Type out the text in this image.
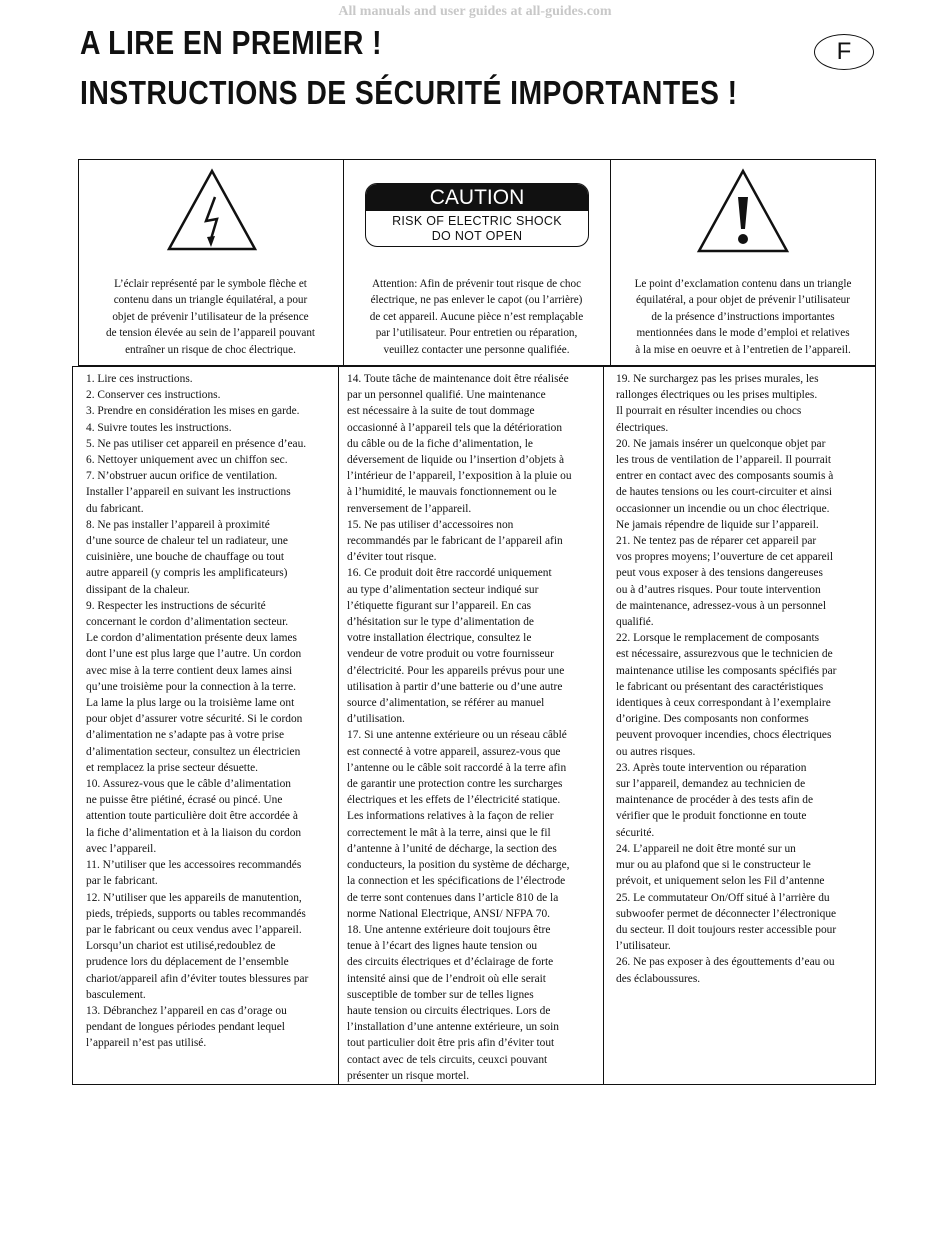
All manuals and user guides at all-guides.com
A LIRE EN PREMIER !
INSTRUCTIONS DE SÉCURITÉ IMPORTANTES !
F

L’éclair représenté par le symbole flèche et
contenu dans un triangle équilatéral, a pour
objet de prévenir l’utilisateur de la présence
de tension élevée au sein de l’appareil pouvant
entraîner un risque de choc électrique.

CAUTION
RISK OF ELECTRIC SHOCK
DO NOT OPEN

Attention: Afin de prévenir tout risque de choc
électrique, ne pas enlever le capot (ou l’arrière)
de cet appareil. Aucune pièce n’est remplaçable
par l’utilisateur. Pour entretien ou réparation,
veuillez contacter une personne qualifiée.

Le point d’exclamation contenu dans un triangle
équilatéral, a pour objet de prévenir l’utilisateur
de la présence d’instructions importantes
mentionnées dans le mode d’emploi et relatives
à la mise en oeuvre et à l’entretien de l’appareil.

1. Lire ces instructions.
2. Conserver ces instructions.
3. Prendre en considération les mises en garde.
4. Suivre toutes les instructions.
5. Ne pas utiliser cet appareil en présence d’eau.
6. Nettoyer uniquement avec un chiffon sec.
7. N’obstruer aucun orifice de ventilation.
Installer l’appareil en suivant les instructions
du fabricant.
8. Ne pas installer l’appareil à proximité
d’une source de chaleur tel un radiateur, une
cuisinière, une bouche de chauffage ou tout
autre appareil (y compris les amplificateurs)
dissipant de la chaleur.
9. Respecter les instructions de sécurité
concernant le cordon d’alimentation secteur.
Le cordon d’alimentation présente deux lames
dont l’une est plus large que l’autre. Un cordon
avec mise à la terre contient deux lames ainsi
qu’une troisième pour la connection à la terre.
La lame la plus large ou la troisième lame ont
pour objet d’assurer votre sécurité. Si le cordon
d’alimentation ne s’adapte pas à votre prise
d’alimentation secteur, consultez un électricien
et remplacez la prise secteur désuette.
10. Assurez-vous que le câble d’alimentation
ne puisse être piétiné, écrasé ou pincé. Une
attention toute particulière doit être accordée à
la fiche d’alimentation et à la liaison du cordon
avec l’appareil.
11. N’utiliser que les accessoires recommandés
par le fabricant.
12. N’utiliser que les appareils de manutention,
pieds, trépieds, supports ou tables recommandés
par le fabricant ou ceux vendus avec l’appareil.
Lorsqu’un chariot est utilisé,redoublez de
prudence lors du déplacement de l’ensemble
chariot/appareil afin d’éviter toutes blessures par
basculement.
13. Débranchez l’appareil en cas d’orage ou
pendant de longues périodes pendant lequel
l’appareil n’est pas utilisé.
14. Toute tâche de maintenance doit être réalisée
par un personnel qualifié. Une maintenance
est nécessaire à la suite de tout dommage
occasionné à l’appareil tels que la détérioration
du câble ou de la fiche d’alimentation, le
déversement de liquide ou l’insertion d’objets à
l’intérieur de l’appareil, l’exposition à la pluie ou
à l’humidité, le mauvais fonctionnement ou le
renversement de l’appareil.
15. Ne pas utiliser d’accessoires non
recommandés par le fabricant de l’appareil afin
d’éviter tout risque.
16. Ce produit doit être raccordé uniquement
au type d’alimentation secteur indiqué sur
l’étiquette figurant sur l’appareil. En cas
d’hésitation sur le type d’alimentation de
votre installation électrique, consultez le
vendeur de votre produit ou votre fournisseur
d’électricité. Pour les appareils prévus pour une
utilisation à partir d’une batterie ou d’une autre
source d’alimentation, se référer au manuel
d’utilisation.
17. Si une antenne extérieure ou un réseau câblé
est connecté à votre appareil, assurez-vous que
l’antenne ou le câble soit raccordé à la terre afin
de garantir une protection contre les surcharges
électriques et les effets de l’électricité statique.
Les informations relatives à la façon de relier
correctement le mât à la terre, ainsi que le fil
d’antenne à l’unité de décharge, la section des
conducteurs, la position du système de décharge,
la connection et les spécifications de l’électrode
de terre sont contenues dans l’article 810 de la
norme National Electrique, ANSI/ NFPA 70.
18. Une antenne extérieure doit toujours être
tenue à l’écart des lignes haute tension ou
des circuits électriques et d’éclairage de forte
intensité ainsi que de l’endroit où elle serait
susceptible de tomber sur de telles lignes
haute tension ou circuits électriques. Lors de
l’installation d’une antenne extérieure, un soin
tout particulier doit être pris afin d’éviter tout
contact avec de tels circuits, ceuxci pouvant
présenter un risque mortel.
19. Ne surchargez pas les prises murales, les
rallonges électriques ou les prises multiples.
Il pourrait en résulter incendies ou chocs
électriques.
20. Ne jamais insérer un quelconque objet par
les trous de ventilation de l’appareil. Il pourrait
entrer en contact avec des composants soumis à
de hautes tensions ou les court-circuiter et ainsi
occasionner un incendie ou un choc électrique.
Ne jamais répendre de liquide sur l’appareil.
21. Ne tentez pas de réparer cet appareil par
vos propres moyens; l’ouverture de cet appareil
peut vous exposer à des tensions dangereuses
ou à d’autres risques. Pour toute intervention
de maintenance, adressez-vous à un personnel
qualifié.
22. Lorsque le remplacement de composants
est nécessaire, assurezvous que le technicien de
maintenance utilise les composants spécifiés par
le fabricant ou présentant des caractéristiques
identiques à ceux correspondant à l’exemplaire
d’origine. Des composants non conformes
peuvent provoquer incendies, chocs électriques
ou autres risques.
23. Après toute intervention ou réparation
sur l’appareil, demandez au technicien de
maintenance de procéder à des tests afin de
vérifier que le produit fonctionne en toute
sécurité.
24. L’appareil ne doit être monté sur un
mur ou au plafond que si le constructeur le
prévoit, et uniquement selon les Fil d’antenne
25. Le commutateur On/Off situé à l’arrière du
subwoofer permet de déconnecter l’électronique
du secteur. Il doit toujours rester accessible pour
l’utilisateur.
26. Ne pas exposer à des égouttements d’eau ou
des éclaboussures.
